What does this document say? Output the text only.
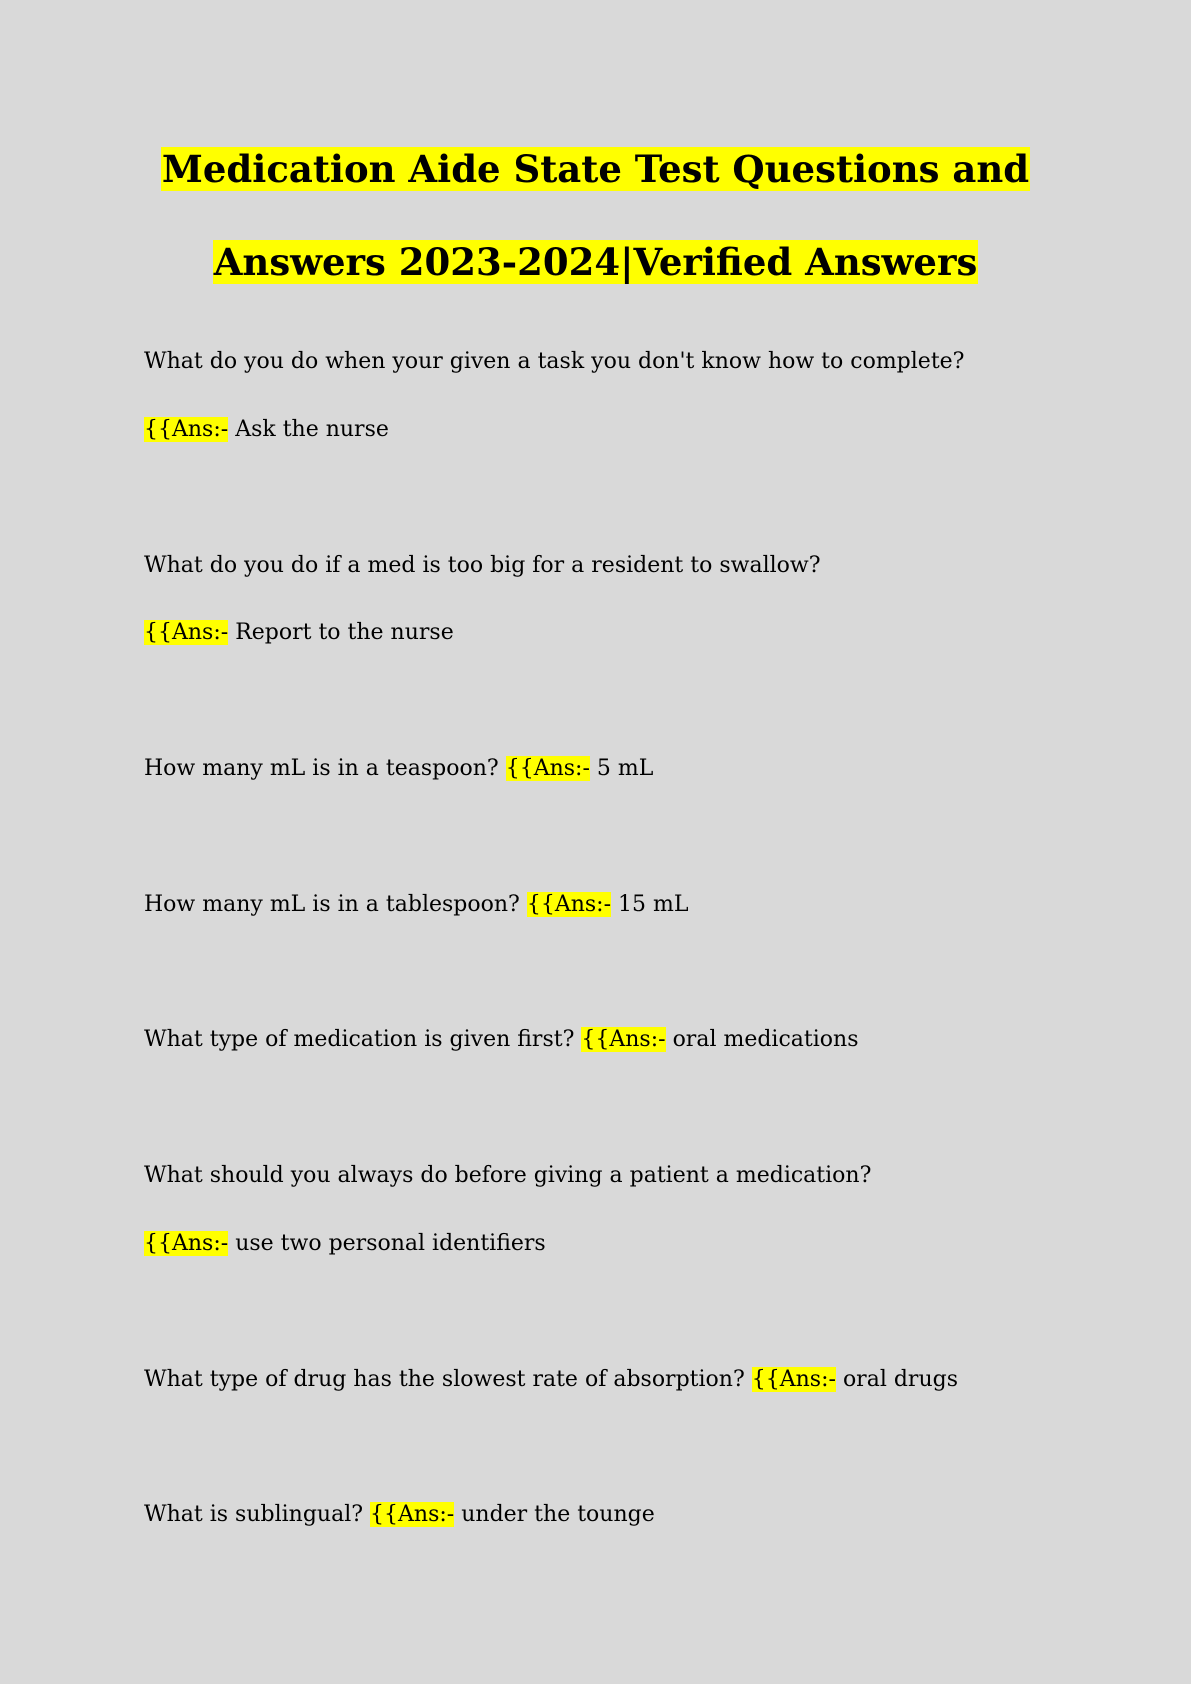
Medication Aide State Test Questions and
Answers 2023-2024|Verified Answers

What do you do when your given a task you don't know how to complete?

{{Ans:- Ask the nurse

What do you do if a med is too big for a resident to swallow?

{{Ans:- Report to the nurse

How many mL is in a teaspoon? {{Ans:- 5 mL

How many mL is in a tablespoon? {{Ans:- 15 mL

What type of medication is given first? {{Ans:- oral medications

What should you always do before giving a patient a medication?

{{Ans:- use two personal identifiers

What type of drug has the slowest rate of absorption? {{Ans:- oral drugs

What is sublingual? {{Ans:- under the tounge
